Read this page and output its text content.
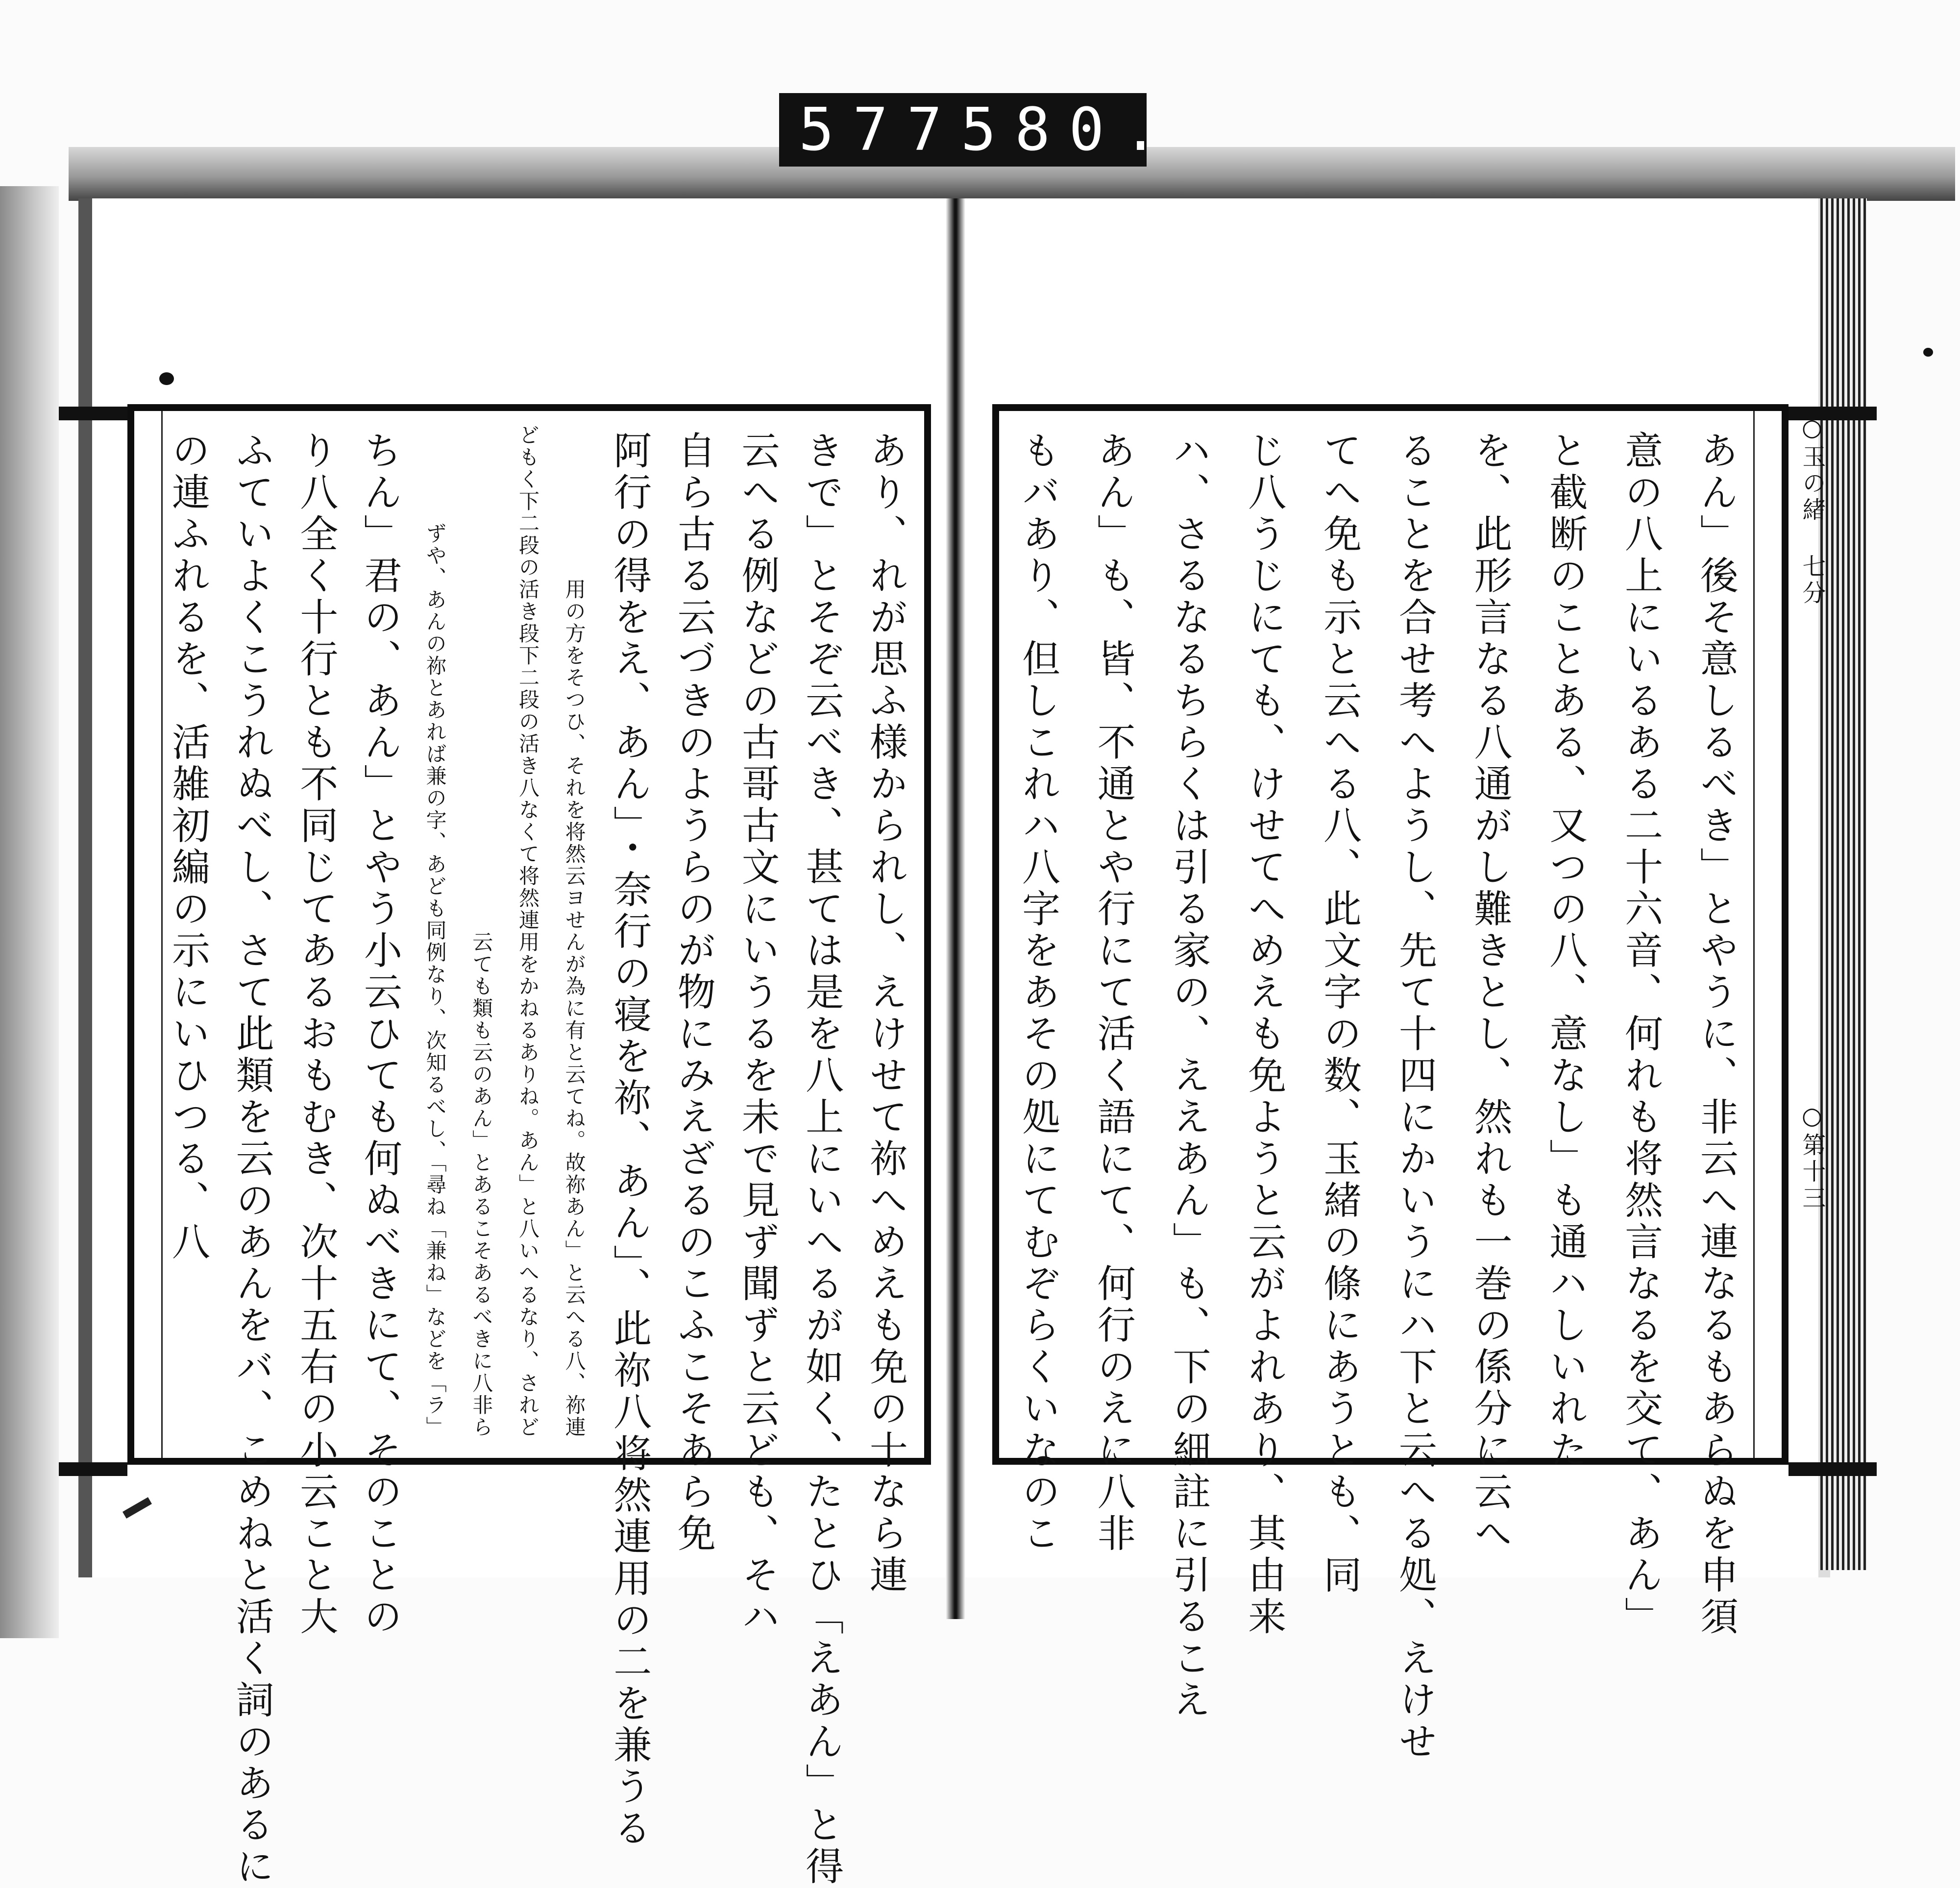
577 580.
あり、れが思ふ様かられし、えけせて祢へめえも免の十なら連
きで」とそぞ云べき、甚ては是を八上にいへるが如く、たとひ「えあん」と得
云へる例などの古哥古文にいうるを未で見ず聞ずと云ども、そハ
自ら古る云づきのようらのが物にみえざるのこふこそあら免
阿行の得をえ、あん」・奈行の寝を祢、あん」、此祢八将然連用の二を兼うる
用の方をそつひ、それを将然云ヨせんが為に有と云てね。故祢あん」と云へる八、祢連
どもく下二段の活き段下二段の活き八なくて将然連用をかねるありね。あん」と八いへるなり、されど
云ても類も云のあん」とあるこそあるべきに八非ら
ずや、あんの祢とあれば兼の字、あども同例なり、次知るべし、「尋ね「兼ね」などを「ラ」
ちん」君の、あん」とやう小云ひても何ぬべきにて、そのことの
り八全く十行とも不同じてあるおもむき、次十五右の小云こと大
ふていよくこうれぬべし、さて此類を云のあんをバ、こめねと活く詞のあるに
の連ふれるを、活雑初編の示にいひつる、八	あん」後そ意しるべき」とやうに、非云へ連なるもあらぬを申須
意の八上にいるある二十六音、何れも将然言なるを交て、あん」
と截断のことある、又つの八、意なし」も通ハしいれた
を、此形言なる八通がし難きとし、然れも一巻の係分に云へ
ることを合せ考へようし、先て十四にかいうにハ下と云へる処、えけせ
てへ免も示と云へる八、此文字の数、玉緒の條にあうとも、同
じ八うじにても、けせてへめえも免ようと云がよれあり、其由来
ハ、さるなるちらくは引る家の、ええあん」も、下の細註に引るこえ
あん」も、皆、不通とや行にて活く語にて、何行のえに八非
もバあり、但しこれハ八字をあその処にてむぞらくいなのこ	○玉の緒 七分
○第十三
